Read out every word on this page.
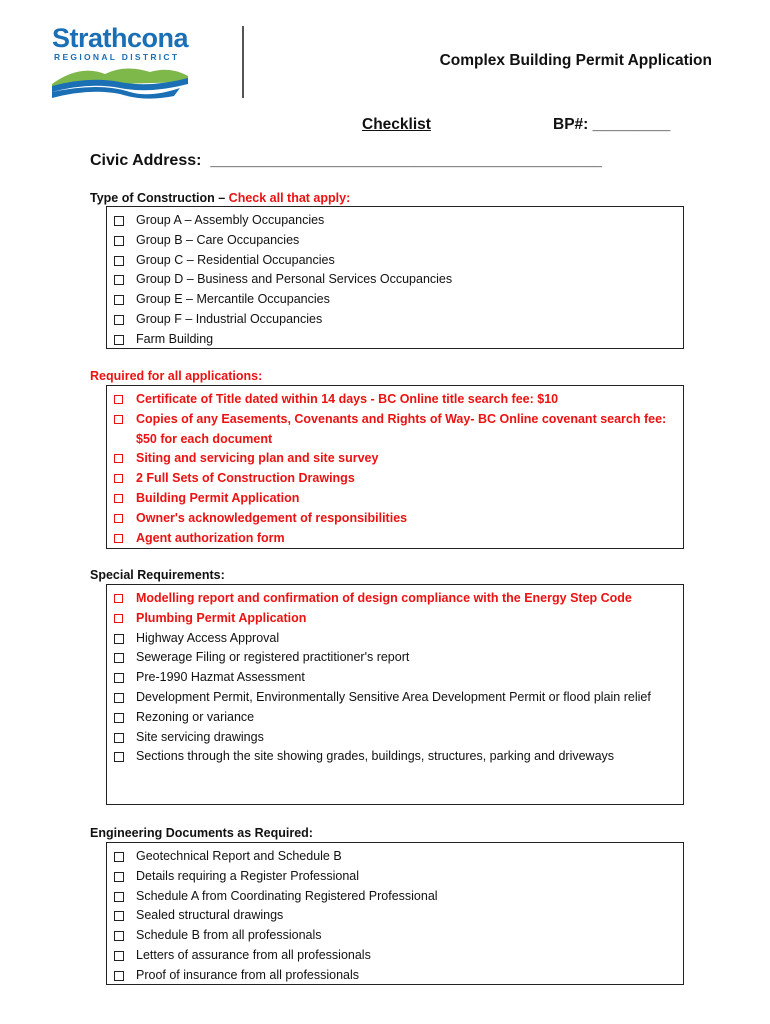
Strathcona
REGIONAL DISTRICT	Complex Building Permit Application
Checklist	BP#: _________
Civic Address:  ____________________________________________
Type of Construction – Check all that apply:
Group A – Assembly Occupancies
Group B – Care Occupancies
Group C – Residential Occupancies
Group D – Business and Personal Services Occupancies
Group E – Mercantile Occupancies
Group F – Industrial Occupancies
Farm Building
Required for all applications:
Certificate of Title dated within 14 days - BC Online title search fee: $10
Copies of any Easements, Covenants and Rights of Way- BC Online covenant search fee: $50 for each document
Siting and servicing plan and site survey
2 Full Sets of Construction Drawings
Building Permit Application
Owner's acknowledgement of responsibilities
Agent authorization form
Special Requirements:
Modelling report and confirmation of design compliance with the Energy Step Code
Plumbing Permit Application
Highway Access Approval
Sewerage Filing or registered practitioner's report
Pre-1990 Hazmat Assessment
Development Permit, Environmentally Sensitive Area Development Permit or flood plain relief
Rezoning or variance
Site servicing drawings
Sections through the site showing grades, buildings, structures, parking and driveways
Engineering Documents as Required:
Geotechnical Report and Schedule B
Details requiring a Register Professional
Schedule A from Coordinating Registered Professional
Sealed structural drawings
Schedule B from all professionals
Letters of assurance from all professionals
Proof of insurance from all professionals
